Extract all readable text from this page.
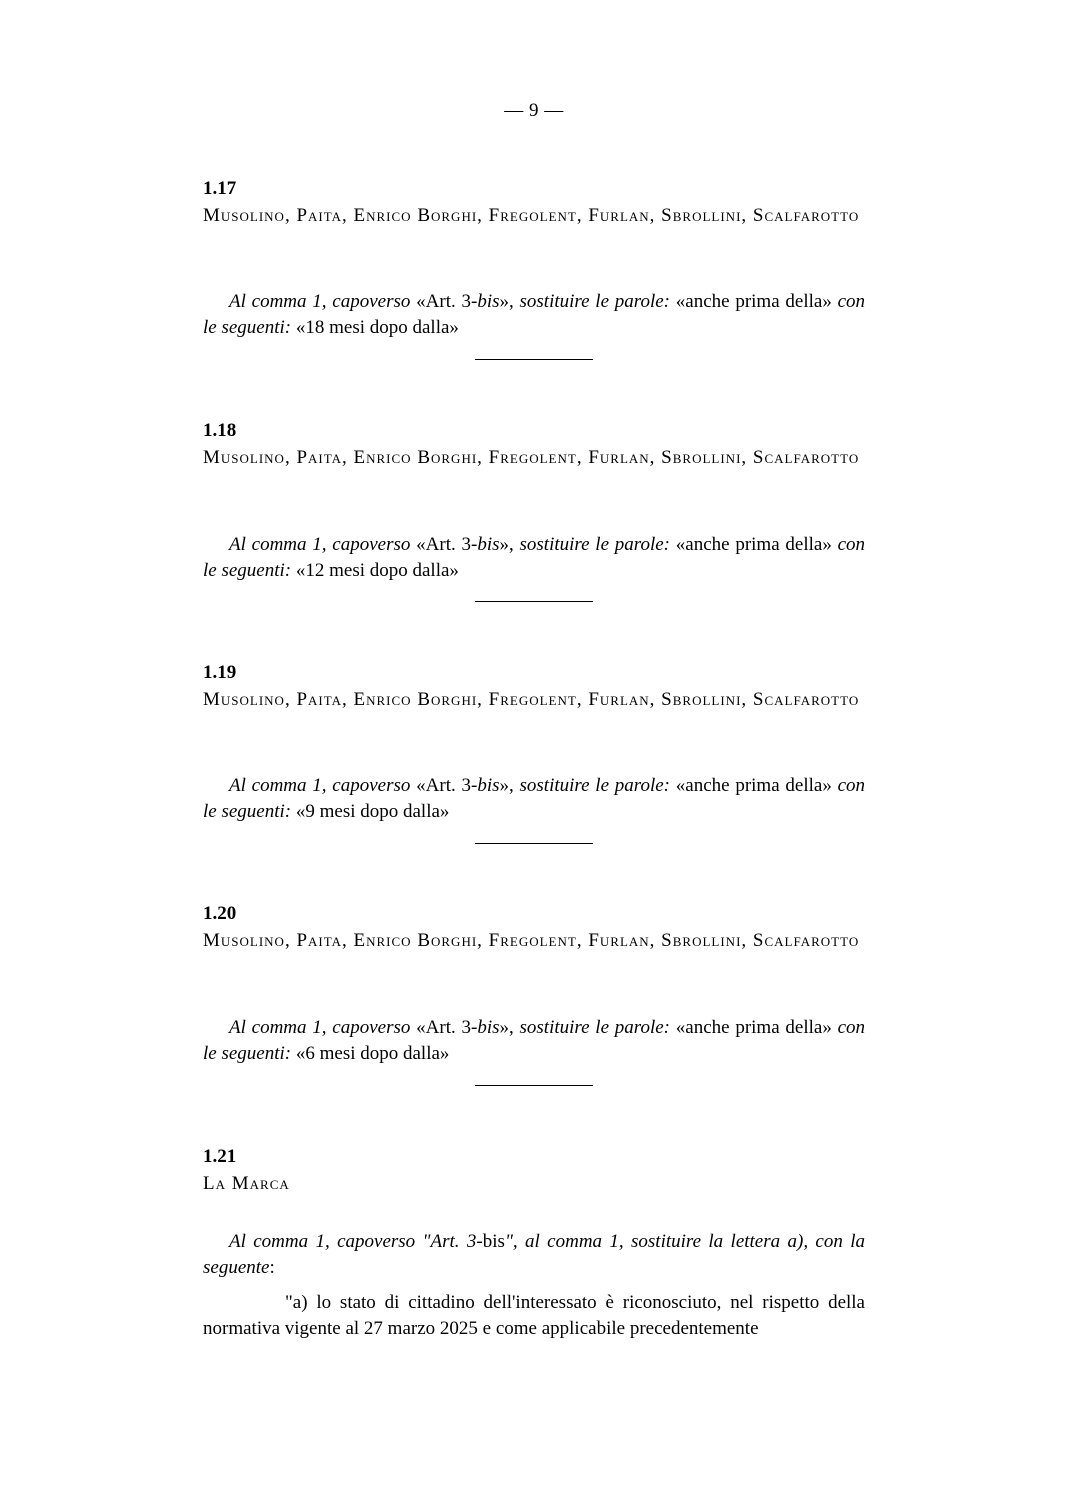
— 9 —

1.17

Musolino, Paita, Enrico Borghi, Fregolent, Furlan, Sbrollini, Scalfarotto

Al comma 1, capoverso «Art. 3-bis», sostituire le parole: «anche prima della» con le seguenti: «18 mesi dopo dalla»

1.18

Musolino, Paita, Enrico Borghi, Fregolent, Furlan, Sbrollini, Scalfarotto

Al comma 1, capoverso «Art. 3-bis», sostituire le parole: «anche prima della» con le seguenti: «12 mesi dopo dalla»

1.19

Musolino, Paita, Enrico Borghi, Fregolent, Furlan, Sbrollini, Scalfarotto

Al comma 1, capoverso «Art. 3-bis», sostituire le parole: «anche prima della» con le seguenti: «9 mesi dopo dalla»

1.20

Musolino, Paita, Enrico Borghi, Fregolent, Furlan, Sbrollini, Scalfarotto

Al comma 1, capoverso «Art. 3-bis», sostituire le parole: «anche prima della» con le seguenti: «6 mesi dopo dalla»

1.21

La Marca

Al comma 1, capoverso "Art. 3-bis", al comma 1, sostituire la lettera a), con la seguente:

"a) lo stato di cittadino dell'interessato è riconosciuto, nel rispetto della normativa vigente al 27 marzo 2025 e come applicabile precedentemente
